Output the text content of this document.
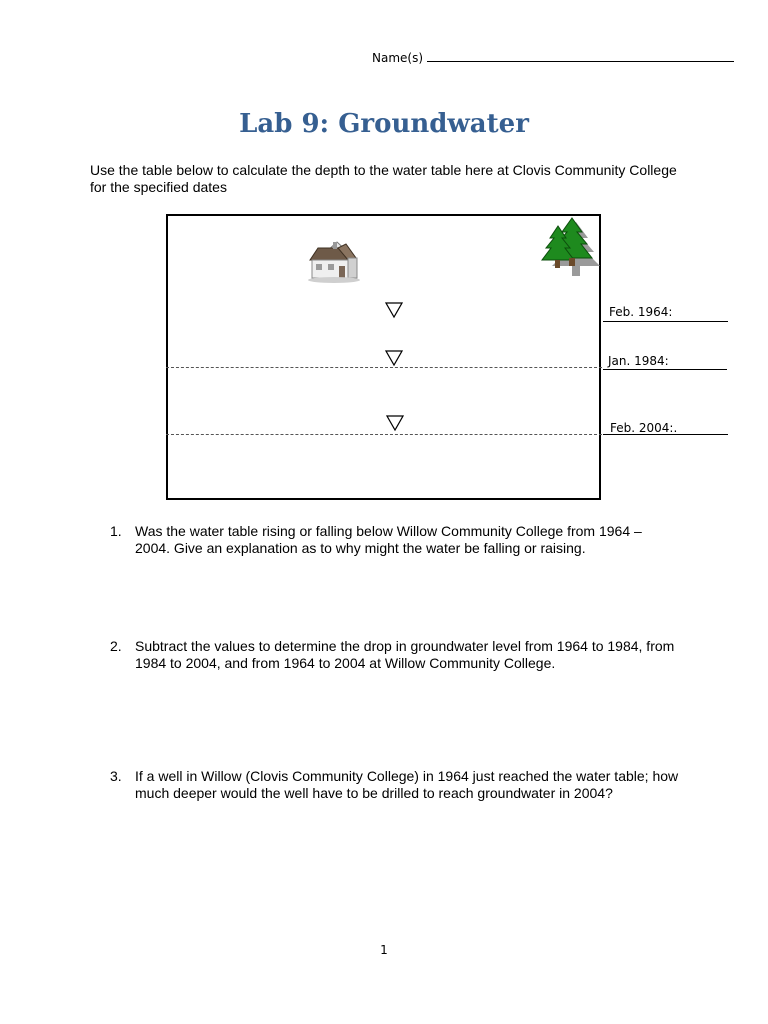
Name(s)
Lab 9: Groundwater
Use the table below to calculate the depth to the water table here at Clovis Community College for the specified dates
Feb. 1964:
Jan. 1984:
Feb. 2004:.
1. Was the water table rising or falling below Willow Community College from 1964 – 2004. Give an explanation as to why might the water be falling or raising.
2. Subtract the values to determine the drop in groundwater level from 1964 to 1984, from 1984 to 2004, and from 1964 to 2004 at Willow Community College.
3. If a well in Willow (Clovis Community College) in 1964 just reached the water table; how much deeper would the well have to be drilled to reach groundwater in 2004?
1
